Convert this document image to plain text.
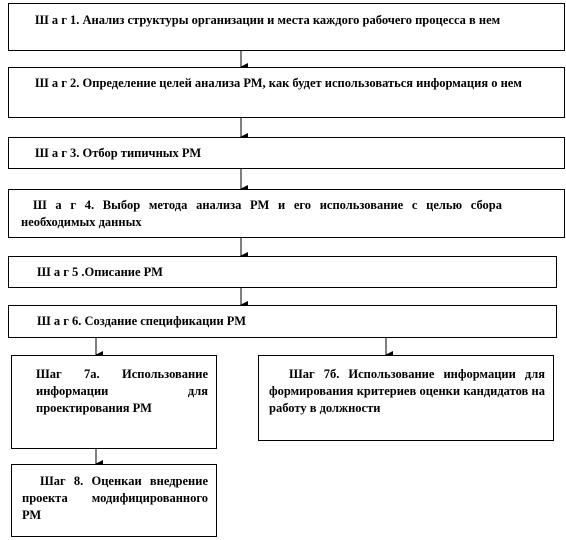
Ш а г 1. Анализ структуры организации и места каждого рабочего процесса в нем
Ш а г 2. Определение целей анализа РМ, как будет использоваться информация о нем
Ш а г 3. Отбор типичных РМ
Ш а г 4. Выбор метода анализа РМ и его использование с целью сбора необходимых данных
Ш а г 5 .Описание РМ
Ш а г 6. Создание спецификации РМ
Шаг 7а. Использование информации для проектирования РМ
Шаг 7б. Использование информации для формирования критериев оценки кандидатов на работу в должности
Шаг 8. Оценкаи внедрение проекта модифицированного РМ
